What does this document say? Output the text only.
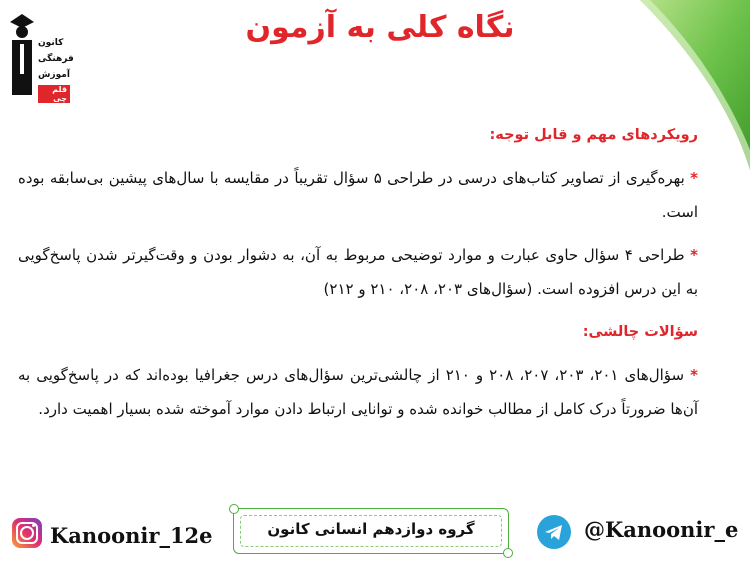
کانون
فرهنگی
آموزش
قلم چی
نگاه کلی به آزمون

رویکردهای مهم و قابل توجه:

* بهره‌گیری از تصاویر کتاب‌های درسی در طراحی ۵ سؤال تقریباً در مقایسه با سال‌های پیشین بی‌سابقه بوده است.

* طراحی ۴ سؤال حاوی عبارت و موارد توضیحی مربوط به آن، به دشوار بودن و وقت‌گیرتر شدن پاسخ‌گویی به این درس افزوده است. (سؤال‌های ۲۰۳، ۲۰۸، ۲۱۰ و ۲۱۲)

سؤالات چالشی:

* سؤال‌های ۲۰۱، ۲۰۳، ۲۰۷، ۲۰۸ و ۲۱۰ از چالشی‌ترین سؤال‌های درس جغرافیا بوده‌اند که در پاسخ‌گویی به آن‌ها ضرورتاً درک کامل از مطالب خوانده شده و توانایی ارتباط دادن موارد آموخته شده بسیار اهمیت دارد.

Kanoonir_12e	گروه دوازدهم انسانی کانون	@Kanoonir_e
